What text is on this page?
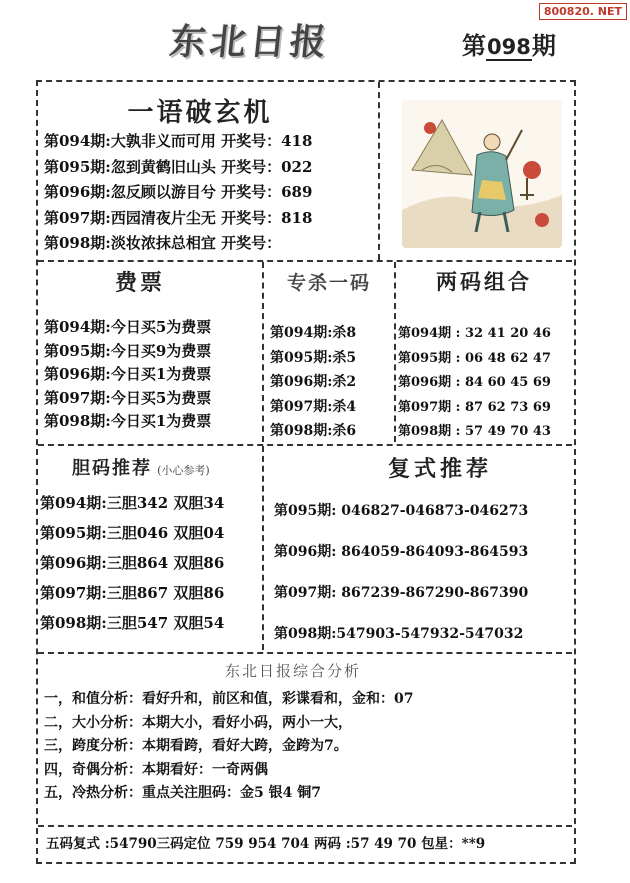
800820. NET
东北日报	第098期
一语破玄机
第094期:大孰非义而可用 开奖号：418
第095期:忽到黄鹤旧山头 开奖号：022
第096期:忽反顾以游目兮 开奖号：689
第097期:西园清夜片尘无 开奖号：818
第098期:淡妆浓抹总相宜 开奖号：
费票
第094期:今日买5为费票
第095期:今日买9为费票
第096期:今日买1为费票
第097期:今日买5为费票
第098期:今日买1为费票
专杀一码
第094期:杀8
第095期:杀5
第096期:杀2
第097期:杀4
第098期:杀6
两码组合
第094期 : 32 41 20 46
第095期 : 06 48 62 47
第096期 : 84 60 45 69
第097期 : 87 62 73 69
第098期 : 57 49 70 43
胆码推荐 (小心参考)
第094期:三胆342 双胆34
第095期:三胆046 双胆04
第096期:三胆864 双胆86
第097期:三胆867 双胆86
第098期:三胆547 双胆54
复式推荐
第095期: 046827-046873-046273
第096期: 864059-864093-864593
第097期: 867239-867290-867390
第098期:547903-547932-547032
东北日报综合分析
一，和值分析：看好升和，前区和值，彩谍看和，金和：07
二，大小分析：本期大小，看好小码，两小一大，
三，跨度分析：本期看跨，看好大跨，金跨为7。
四，奇偶分析：本期看好：一奇两偶
五，冷热分析：重点关注胆码：金5 银4 铜7
五码复式 :54790三码定位 759 954 704 两码 :57 49 70 包星：**9
